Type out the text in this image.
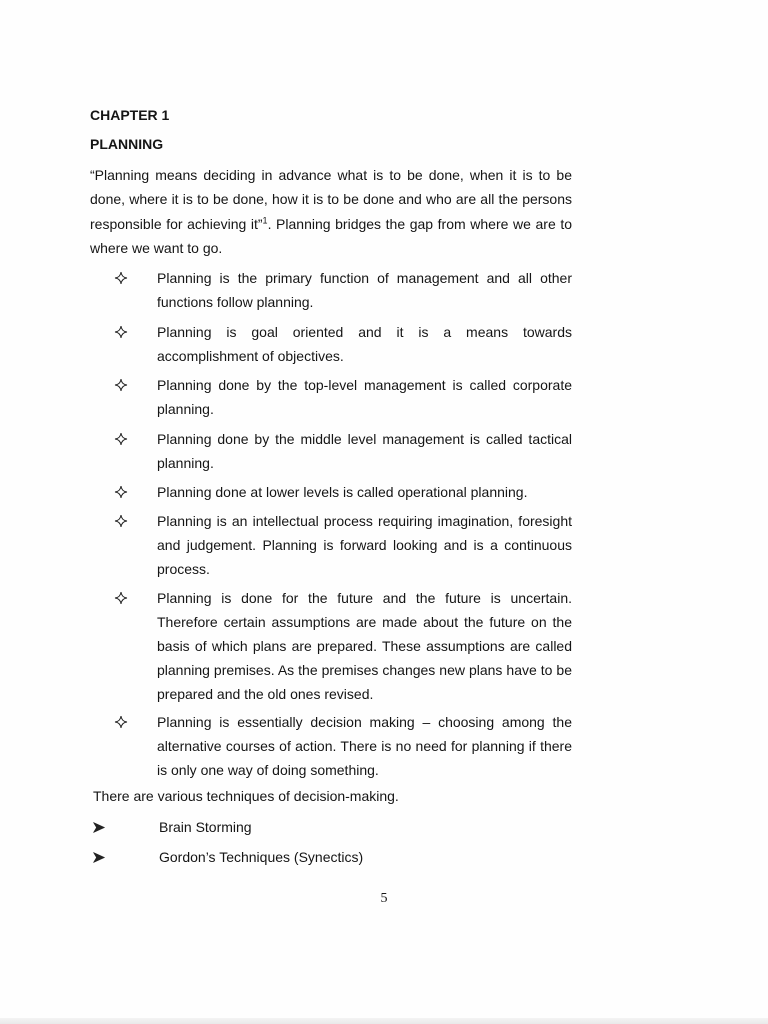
CHAPTER 1
PLANNING

“Planning means deciding in advance what is to be done, when it is to be done, where it is to be done, how it is to be done and who are all the persons responsible for achieving it”$^1$. Planning bridges the gap from where we are to where we want to go.

Planning is the primary function of management and all other functions follow planning.
Planning is goal oriented and it is a means towards accomplishment of objectives.
Planning done by the top-level management is called corporate planning.
Planning done by the middle level management is called tactical planning.
Planning done at lower levels is called operational planning.
Planning is an intellectual process requiring imagination, foresight and judgement. Planning is forward looking and is a continuous process.
Planning is done for the future and the future is uncertain. Therefore certain assumptions are made about the future on the basis of which plans are prepared. These assumptions are called planning premises. As the premises changes new plans have to be prepared and the old ones revised.
Planning is essentially decision making – choosing among the alternative courses of action. There is no need for planning if there is only one way of doing something.

There are various techniques of decision-making.

Brain Storming
Gordon’s Techniques (Synectics)
5
